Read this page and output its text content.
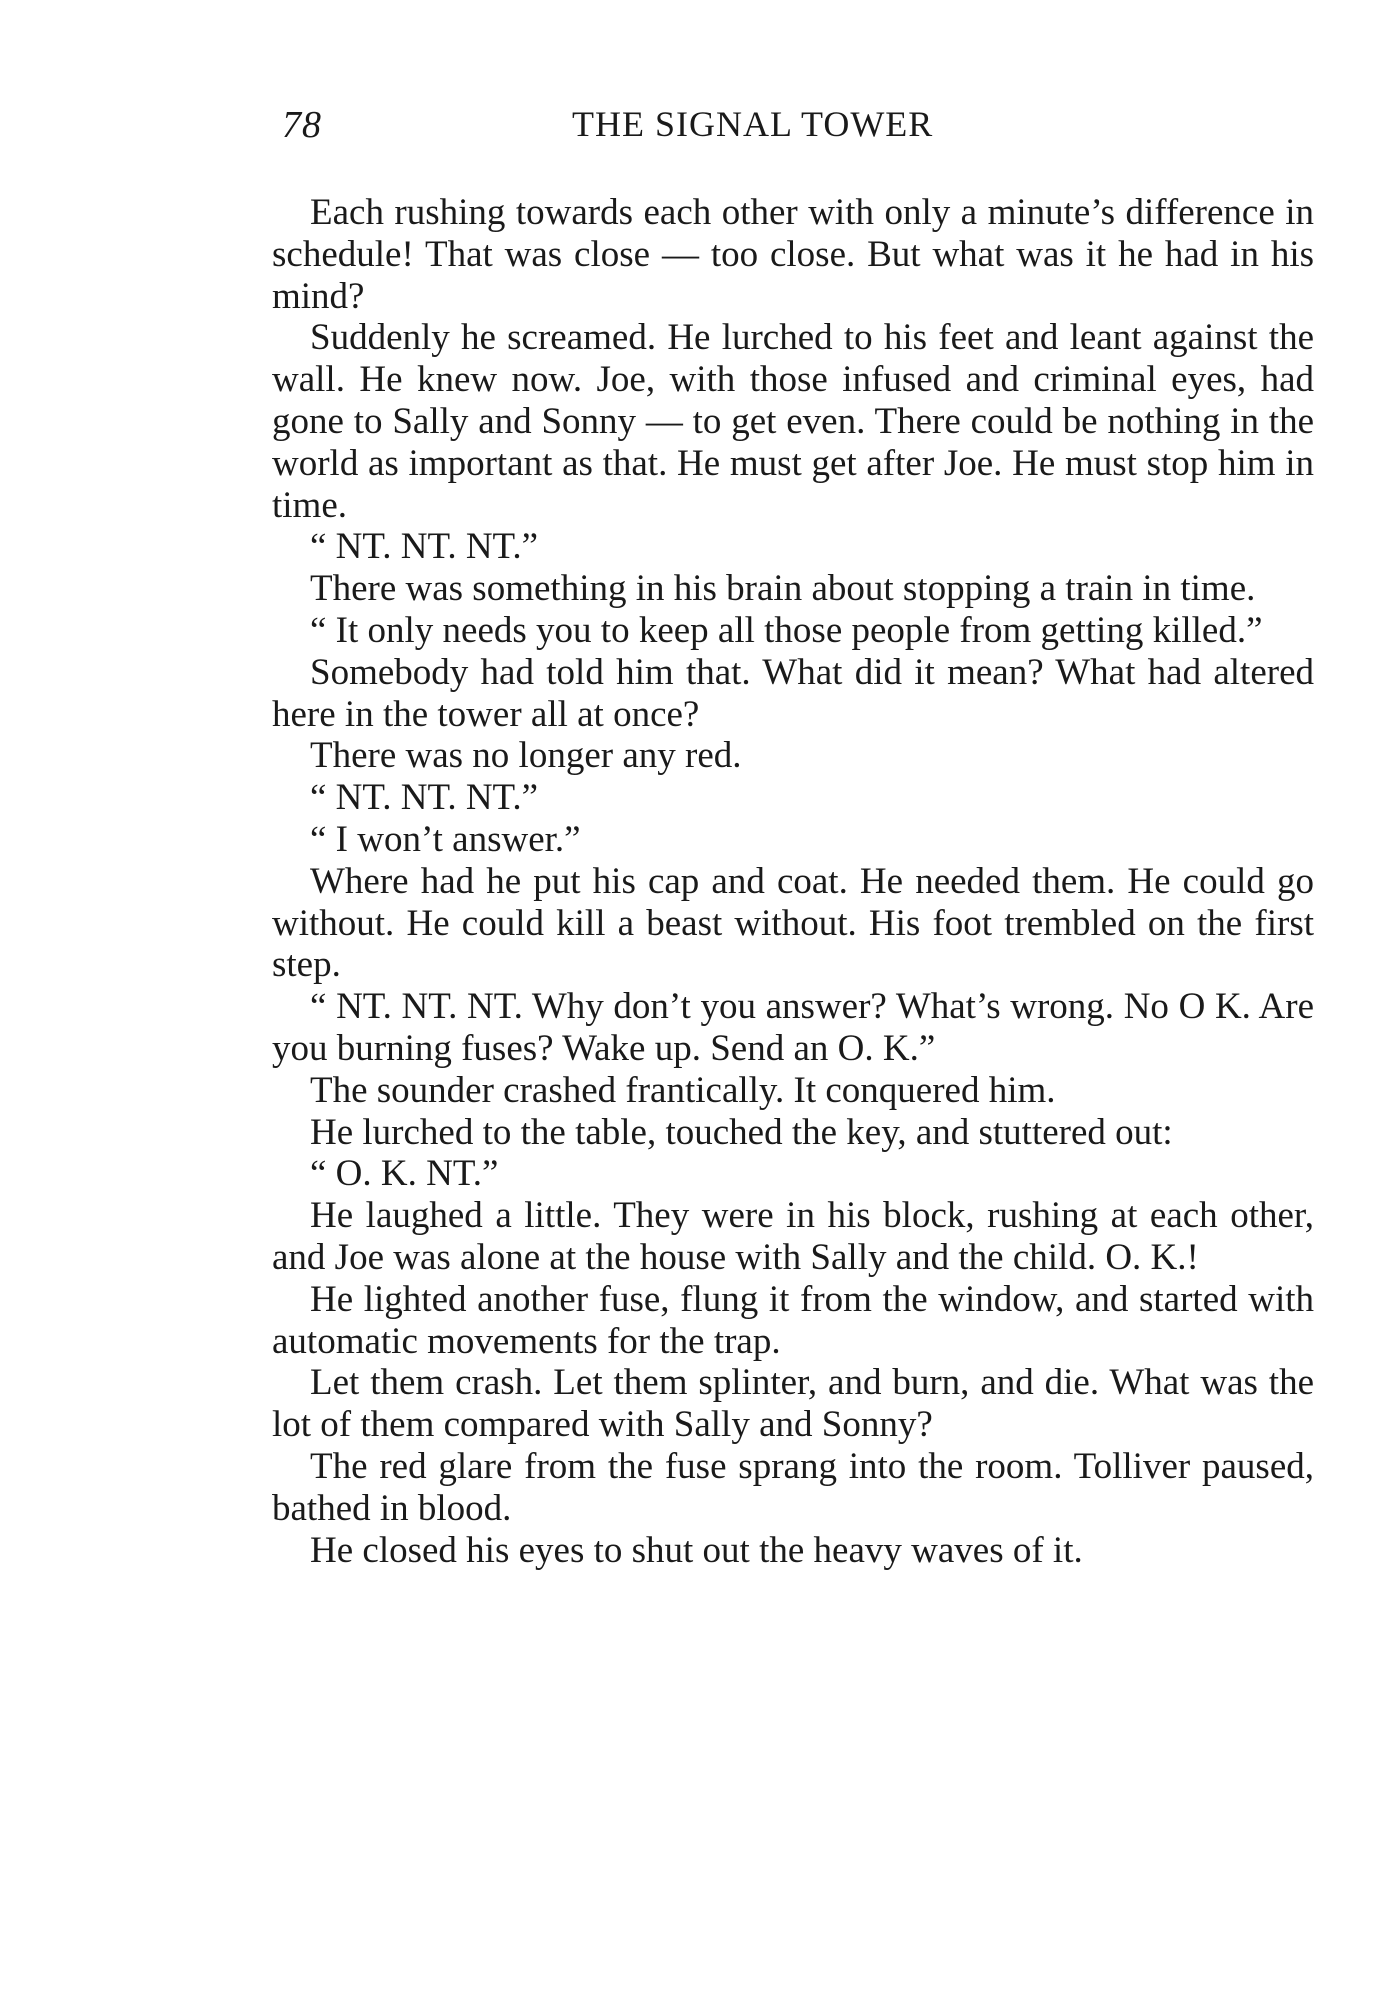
78	THE SIGNAL TOWER

Each rushing towards each other with only a minute’s difference in schedule! That was close — too close. But what was it he had in his mind?

Suddenly he screamed. He lurched to his feet and leant against the wall. He knew now. Joe, with those infused and criminal eyes, had gone to Sally and Sonny — to get even. There could be nothing in the world as important as that. He must get after Joe. He must stop him in time.

“ NT. NT. NT.”

There was something in his brain about stopping a train in time.

“ It only needs you to keep all those people from getting killed.”

Somebody had told him that. What did it mean? What had altered here in the tower all at once?

There was no longer any red.

“ NT. NT. NT.”

“ I won’t answer.”

Where had he put his cap and coat. He needed them. He could go without. He could kill a beast without. His foot trembled on the first step.

“ NT. NT. NT. Why don’t you answer? What’s wrong. No O K. Are you burning fuses? Wake up. Send an O. K.”

The sounder crashed frantically. It conquered him.

He lurched to the table, touched the key, and stuttered out:

“ O. K. NT.”

He laughed a little. They were in his block, rushing at each other, and Joe was alone at the house with Sally and the child. O. K.!

He lighted another fuse, flung it from the window, and started with automatic movements for the trap.

Let them crash. Let them splinter, and burn, and die. What was the lot of them compared with Sally and Sonny?

The red glare from the fuse sprang into the room. Tolliver paused, bathed in blood.

He closed his eyes to shut out the heavy waves of it.
